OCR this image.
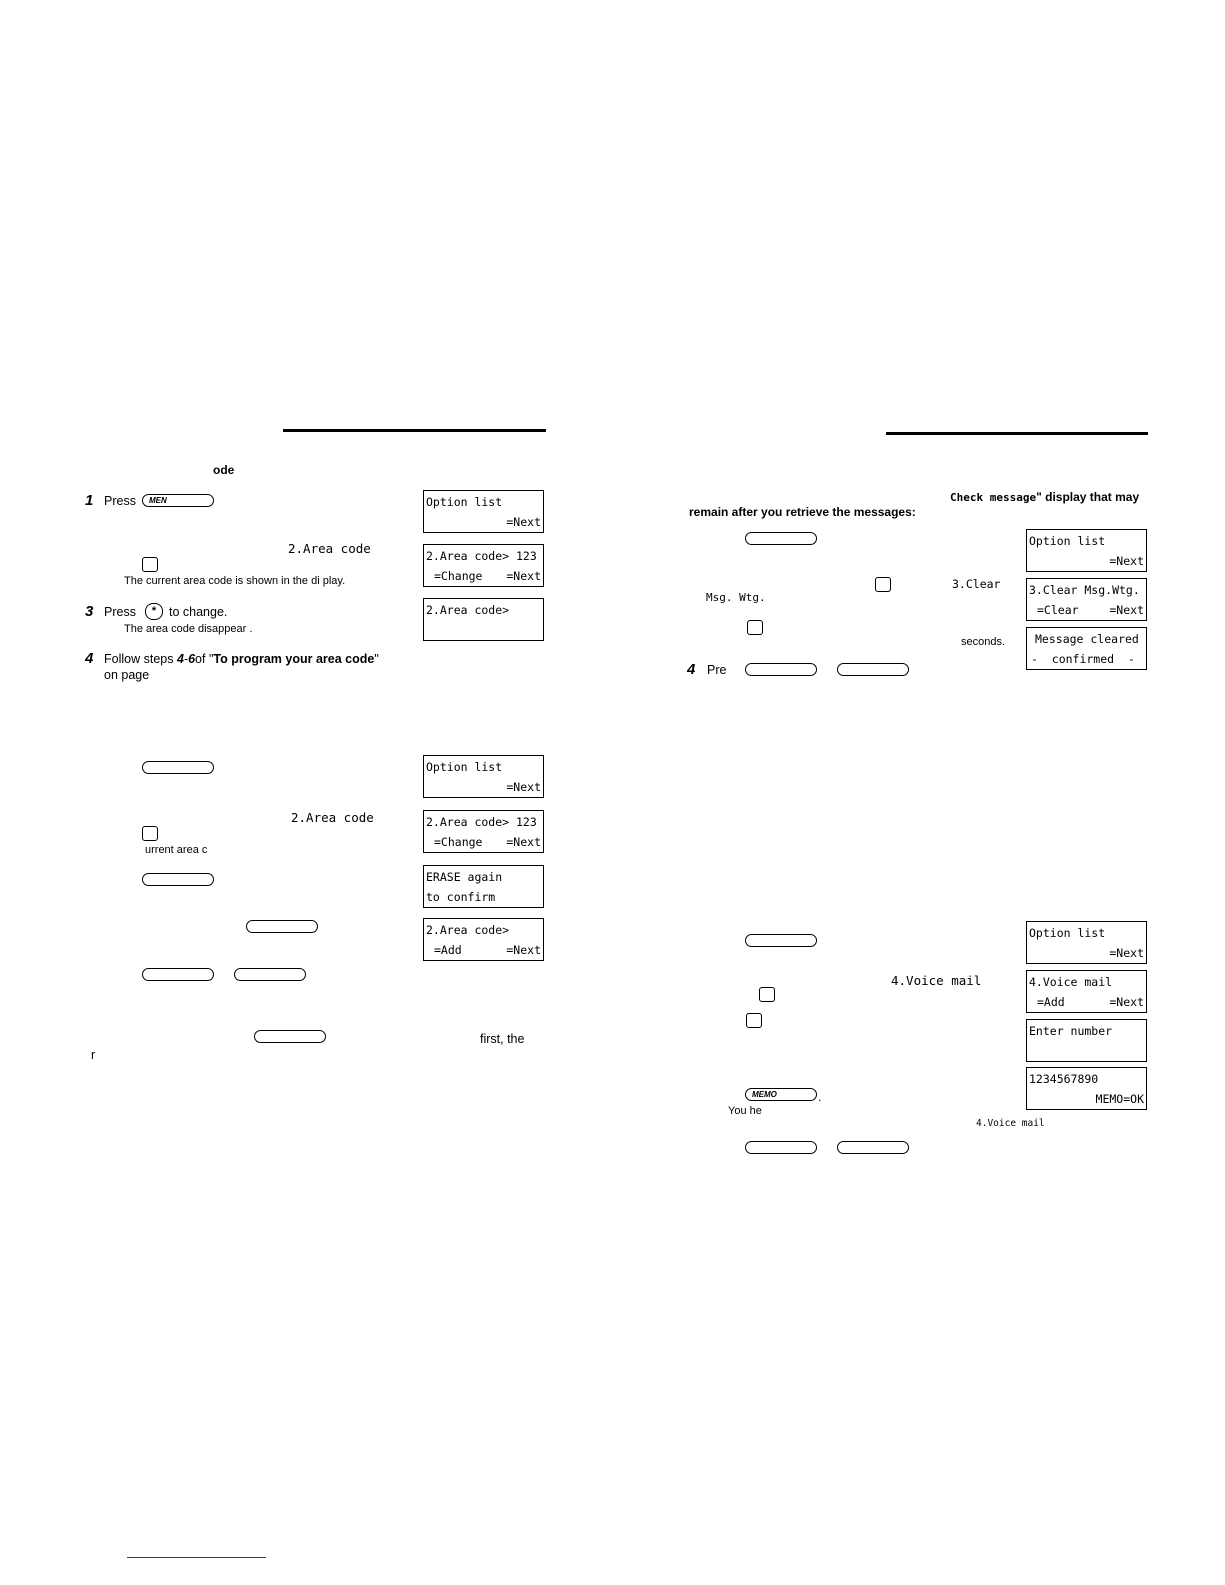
ode
1 Press MEN
2.Area code
The current area code is shown in the di play.
3 Press	*	to change.
The area code disappear .
4 Follow steps 4-6of "To program your area code"
on page
Option list
=Next
2.Area code> 123
=Change =Next
2.Area code>
2.Area code
urrent area c
first, the
r
Option list
=Next
2.Area code> 123
=Change =Next
ERASE again
to confirm
2.Area code>
=Add	=Next
Check message" display that may
remain after you retrieve the messages:
3.Clear
Msg. Wtg.
seconds.
4 Pre
Option list
=Next
3.Clear Msg.Wtg.
=Clear	=Next
Message cleared
-  confirmed  -
4.Voice mail
MEMO	.
You he
4.Voice mail
Option list
=Next
4.Voice mail
=Add	=Next
Enter number
1234567890
MEMO=OK
